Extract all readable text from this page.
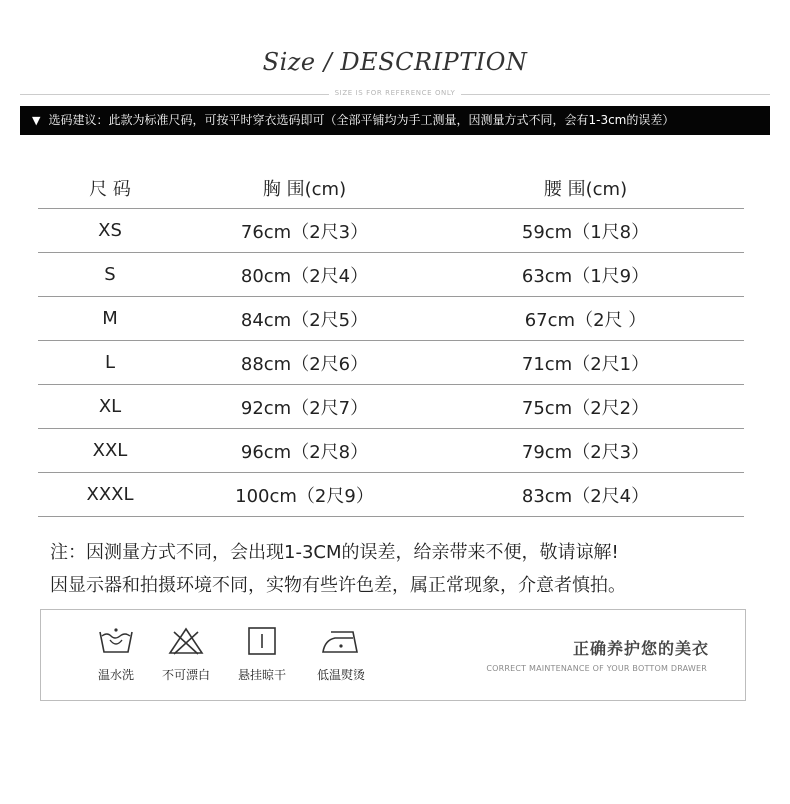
Size / DESCRIPTION
SIZE IS FOR REFERENCE ONLY
▼ 选码建议：此款为标准尺码，可按平时穿衣选码即可（全部平铺均为手工测量，因测量方式不同，会有1-3cm的误差）
尺 码	胸 围(cm)	腰 围(cm)
XS	76cm（2尺3）	59cm（1尺8）
S	80cm（2尺4）	63cm（1尺9）
M	84cm（2尺5）	67cm（2尺 ）
L	88cm（2尺6）	71cm（2尺1）
XL	92cm（2尺7）	75cm（2尺2）
XXL	96cm（2尺8）	79cm（2尺3）
XXXL	100cm（2尺9）	83cm（2尺4）
注：因测量方式不同，会出现1-3CM的误差，给亲带来不便，敬请谅解!
因显示器和拍摄环境不同，实物有些许色差，属正常现象，介意者慎拍。
温水洗	不可漂白	悬挂晾干	低温熨烫
正确养护您的美衣
CORRECT MAINTENANCE OF YOUR BOTTOM DRAWER
